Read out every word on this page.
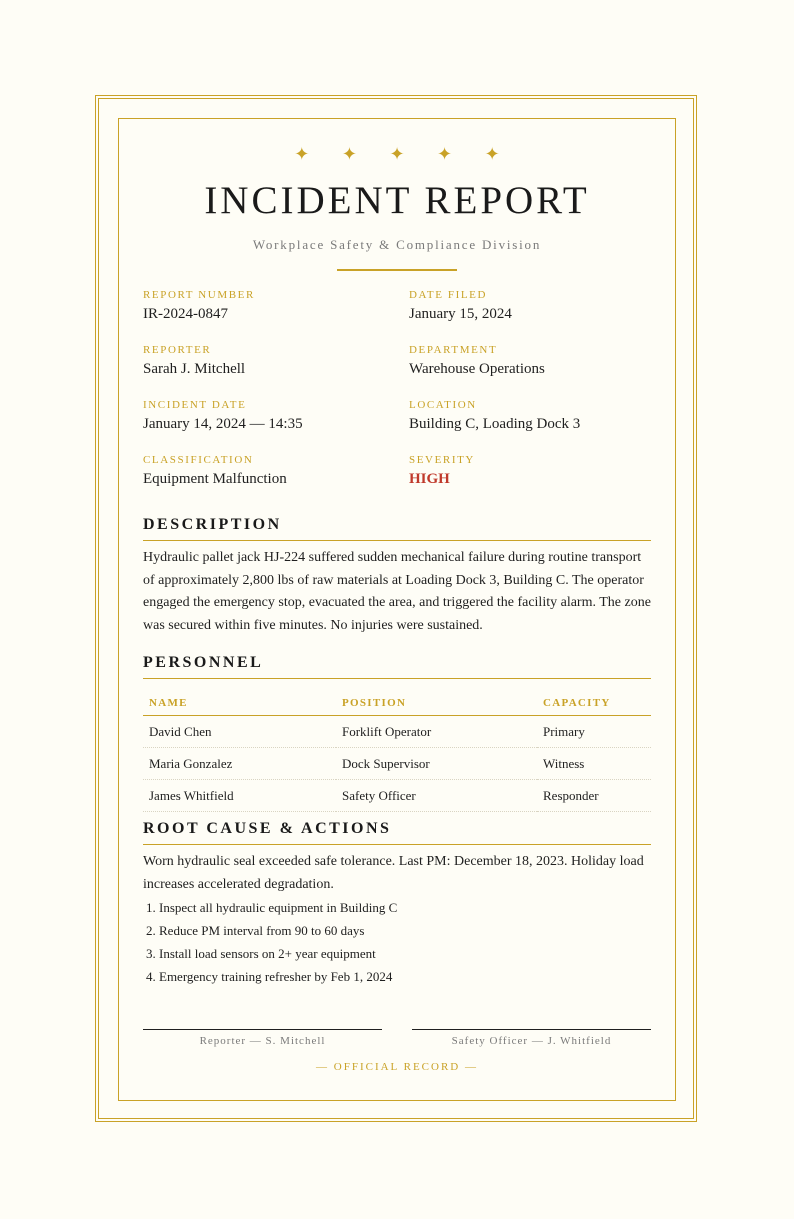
✦ ✦ ✦ ✦ ✦
INCIDENT REPORT
Workplace Safety & Compliance Division
REPORT NUMBER
IR-2024-0847
DATE FILED
January 15, 2024
REPORTER
Sarah J. Mitchell
DEPARTMENT
Warehouse Operations
INCIDENT DATE
January 14, 2024 — 14:35
LOCATION
Building C, Loading Dock 3
CLASSIFICATION
Equipment Malfunction
SEVERITY
HIGH
DESCRIPTION
Hydraulic pallet jack HJ-224 suffered sudden mechanical failure during routine transport of approximately 2,800 lbs of raw materials at Loading Dock 3, Building C. The operator engaged the emergency stop, evacuated the area, and triggered the facility alarm. The zone was secured within five minutes. No injuries were sustained.
PERSONNEL
NAME	POSITION	CAPACITY
David Chen	Forklift Operator	Primary
Maria Gonzalez	Dock Supervisor	Witness
James Whitfield	Safety Officer	Responder
ROOT CAUSE & ACTIONS
Worn hydraulic seal exceeded safe tolerance. Last PM: December 18, 2023. Holiday load increases accelerated degradation.
1. Inspect all hydraulic equipment in Building C
2. Reduce PM interval from 90 to 60 days
3. Install load sensors on 2+ year equipment
4. Emergency training refresher by Feb 1, 2024
Reporter — S. Mitchell	Safety Officer — J. Whitfield
— OFFICIAL RECORD —
